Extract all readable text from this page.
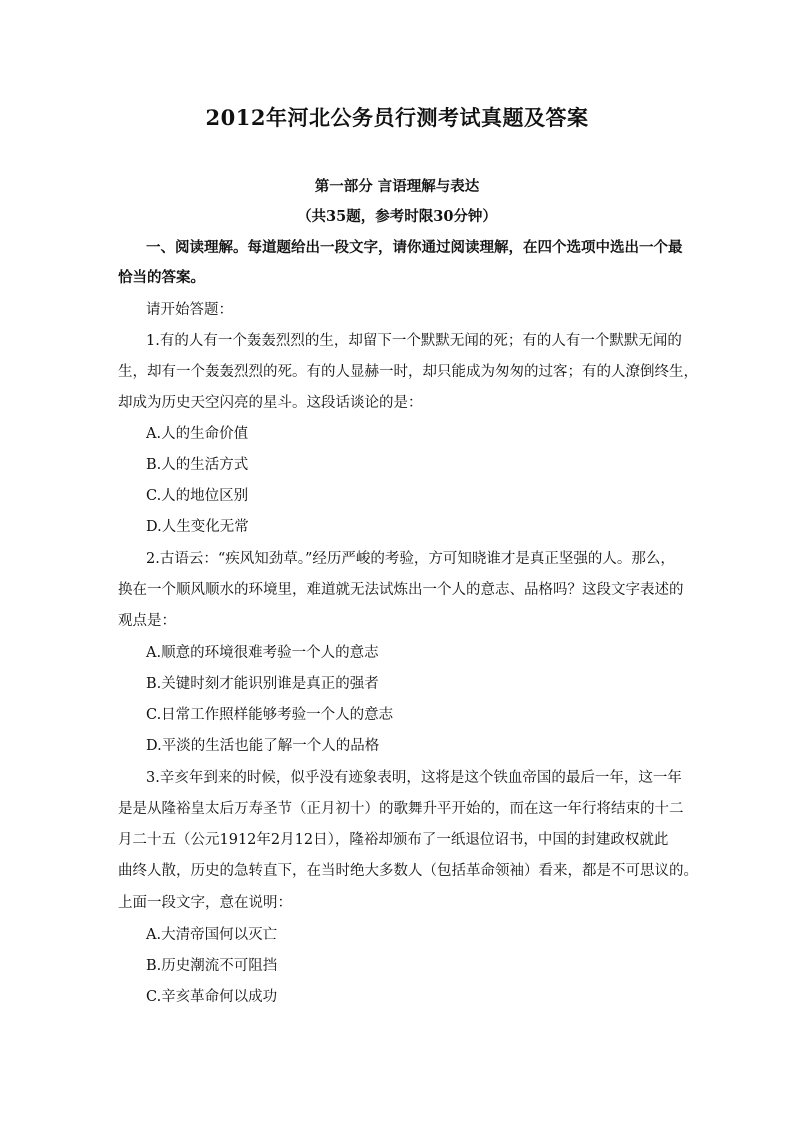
2012年河北公务员行测考试真题及答案
第一部分 言语理解与表达
（共35题，参考时限30分钟）
一、阅读理解。每道题给出一段文字，请你通过阅读理解，在四个选项中选出一个最
恰当的答案。
请开始答题：
1.有的人有一个轰轰烈烈的生，却留下一个默默无闻的死；有的人有一个默默无闻的
生，却有一个轰轰烈烈的死。有的人显赫一时，却只能成为匆匆的过客；有的人潦倒终生，
却成为历史天空闪亮的星斗。这段话谈论的是：
A.人的生命价值
B.人的生活方式
C.人的地位区别
D.人生变化无常
2.古语云：“疾风知劲草。”经历严峻的考验，方可知晓谁才是真正坚强的人。那么，
换在一个顺风顺水的环境里，难道就无法试炼出一个人的意志、品格吗？这段文字表述的
观点是：
A.顺意的环境很难考验一个人的意志
B.关键时刻才能识别谁是真正的强者
C.日常工作照样能够考验一个人的意志
D.平淡的生活也能了解一个人的品格
3.辛亥年到来的时候，似乎没有迹象表明，这将是这个铁血帝国的最后一年，这一年
是是从隆裕皇太后万寿圣节（正月初十）的歌舞升平开始的，而在这一年行将结束的十二
月二十五（公元1912年2月12日），隆裕却颁布了一纸退位诏书，中国的封建政权就此
曲终人散，历史的急转直下，在当时绝大多数人（包括革命领袖）看来，都是不可思议的。
上面一段文字，意在说明：
A.大清帝国何以灭亡
B.历史潮流不可阻挡
C.辛亥革命何以成功
